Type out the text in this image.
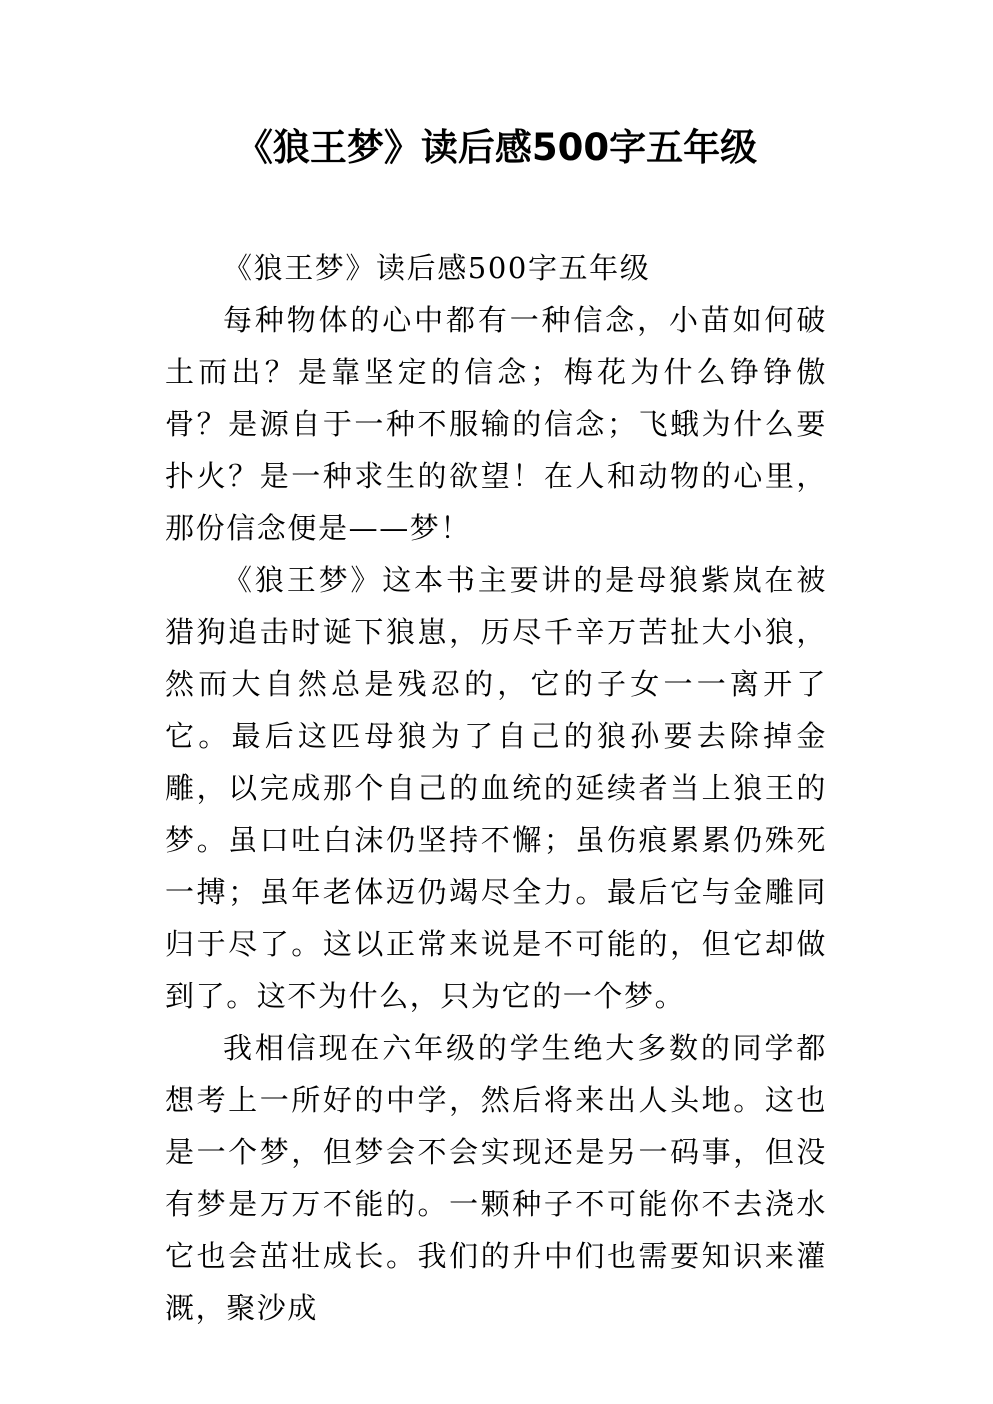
《狼王梦》读后感500字五年级

《狼王梦》读后感500字五年级

每种物体的心中都有一种信念，小苗如何破土而出？是靠坚定的信念；梅花为什么铮铮傲骨？是源自于一种不服输的信念；飞蛾为什么要扑火？是一种求生的欲望！在人和动物的心里，那份信念便是——梦！

《狼王梦》这本书主要讲的是母狼紫岚在被猎狗追击时诞下狼崽，历尽千辛万苦扯大小狼，然而大自然总是残忍的，它的子女一一离开了它。最后这匹母狼为了自己的狼孙要去除掉金雕，以完成那个自己的血统的延续者当上狼王的梦。虽口吐白沫仍坚持不懈；虽伤痕累累仍殊死一搏；虽年老体迈仍竭尽全力。最后它与金雕同归于尽了。这以正常来说是不可能的，但它却做到了。这不为什么，只为它的一个梦。

我相信现在六年级的学生绝大多数的同学都想考上一所好的中学，然后将来出人头地。这也是一个梦，但梦会不会实现还是另一码事，但没有梦是万万不能的。一颗种子不可能你不去浇水它也会茁壮成长。我们的升中们也需要知识来灌溉，聚沙成
